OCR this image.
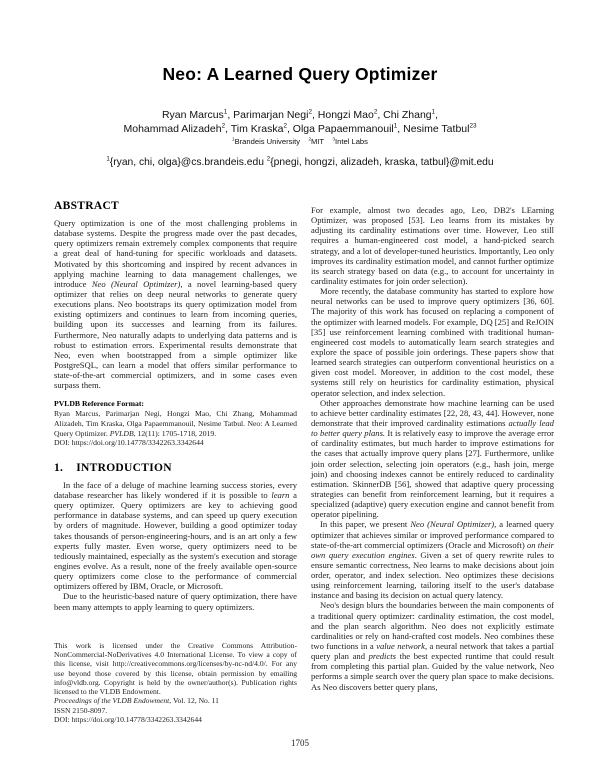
Neo: A Learned Query Optimizer
Ryan Marcus$^1$, Parimarjan Negi$^2$, Hongzi Mao$^2$, Chi Zhang$^1$,
Mohammad Alizadeh$^2$, Tim Kraska$^2$, Olga Papaemmanouil$^1$, Nesime Tatbul$^{23}$
$^1$Brandeis University    $^2$MIT    $^3$Intel Labs
$^1${ryan, chi, olga}@cs.brandeis.edu $^2${pnegi, hongzi, alizadeh, kraska, tatbul}@mit.edu
ABSTRACT

Query optimization is one of the most challenging problems in database systems. Despite the progress made over the past decades, query optimizers remain extremely complex components that require a great deal of hand-tuning for specific workloads and datasets. Motivated by this shortcoming and inspired by recent advances in applying machine learning to data management challenges, we introduce Neo (Neural Optimizer), a novel learning-based query optimizer that relies on deep neural networks to generate query executions plans. Neo bootstraps its query optimization model from existing optimizers and continues to learn from incoming queries, building upon its successes and learning from its failures. Furthermore, Neo naturally adapts to underlying data patterns and is robust to estimation errors. Experimental results demonstrate that Neo, even when bootstrapped from a simple optimizer like PostgreSQL, can learn a model that offers similar performance to state-of-the-art commercial optimizers, and in some cases even surpass them.

PVLDB Reference Format:

Ryan Marcus, Parimarjan Negi, Hongzi Mao, Chi Zhang, Mohammad Alizadeh, Tim Kraska, Olga Papaemmanouil, Nesime Tatbul. Neo: A Learned Query Optimizer. PVLDB, 12(11): 1705-1718, 2019.

DOI: https://doi.org/10.14778/3342263.3342644
1. INTRODUCTION

In the face of a deluge of machine learning success stories, every database researcher has likely wondered if it is possible to learn a query optimizer. Query optimizers are key to achieving good performance in database systems, and can speed up query execution by orders of magnitude. However, building a good optimizer today takes thousands of person-engineering-hours, and is an art only a few experts fully master. Even worse, query optimizers need to be tediously maintained, especially as the system's execution and storage engines evolve. As a result, none of the freely available open-source query optimizers come close to the performance of commercial optimizers offered by IBM, Oracle, or Microsoft.

Due to the heuristic-based nature of query optimization, there have been many attempts to apply learning to query optimizers.

This work is licensed under the Creative Commons Attribution-NonCommercial-NoDerivatives 4.0 International License. To view a copy of this license, visit http://creativecommons.org/licenses/by-nc-nd/4.0/. For any use beyond those covered by this license, obtain permission by emailing info@vldb.org. Copyright is held by the owner/author(s). Publication rights licensed to the VLDB Endowment.

Proceedings of the VLDB Endowment, Vol. 12, No. 11
ISSN 2150-8097.
DOI: https://doi.org/10.14778/3342263.3342644

For example, almost two decades ago, Leo, DB2's LEarning Optimizer, was proposed [53]. Leo learns from its mistakes by adjusting its cardinality estimations over time. However, Leo still requires a human-engineered cost model, a hand-picked search strategy, and a lot of developer-tuned heuristics. Importantly, Leo only improves its cardinality estimation model, and cannot further optimize its search strategy based on data (e.g., to account for uncertainty in cardinality estimates for join order selection).

More recently, the database community has started to explore how neural networks can be used to improve query optimizers [36, 60]. The majority of this work has focused on replacing a component of the optimizer with learned models. For example, DQ [25] and ReJOIN [35] use reinforcement learning combined with traditional human-engineered cost models to automatically learn search strategies and explore the space of possible join orderings. These papers show that learned search strategies can outperform conventional heuristics on a given cost model. Moreover, in addition to the cost model, these systems still rely on heuristics for cardinality estimation, physical operator selection, and index selection.

Other approaches demonstrate how machine learning can be used to achieve better cardinality estimates [22, 28, 43, 44]. However, none demonstrate that their improved cardinality estimations actually lead to better query plans. It is relatively easy to improve the average error of cardinality estimates, but much harder to improve estimations for the cases that actually improve query plans [27]. Furthermore, unlike join order selection, selecting join operators (e.g., hash join, merge join) and choosing indexes cannot be entirely reduced to cardinality estimation. SkinnerDB [56], showed that adaptive query processing strategies can benefit from reinforcement learning, but it requires a specialized (adaptive) query execution engine and cannot benefit from operator pipelining.

In this paper, we present Neo (Neural Optimizer), a learned query optimizer that achieves similar or improved performance compared to state-of-the-art commercial optimizers (Oracle and Microsoft) on their own query execution engines. Given a set of query rewrite rules to ensure semantic correctness, Neo learns to make decisions about join order, operator, and index selection. Neo optimizes these decisions using reinforcement learning, tailoring itself to the user's database instance and basing its decision on actual query latency.

Neo's design blurs the boundaries between the main components of a traditional query optimizer: cardinality estimation, the cost model, and the plan search algorithm. Neo does not explicitly estimate cardinalities or rely on hand-crafted cost models. Neo combines these two functions in a value network, a neural network that takes a partial query plan and predicts the best expected runtime that could result from completing this partial plan. Guided by the value network, Neo performs a simple search over the query plan space to make decisions. As Neo discovers better query plans,

1705
